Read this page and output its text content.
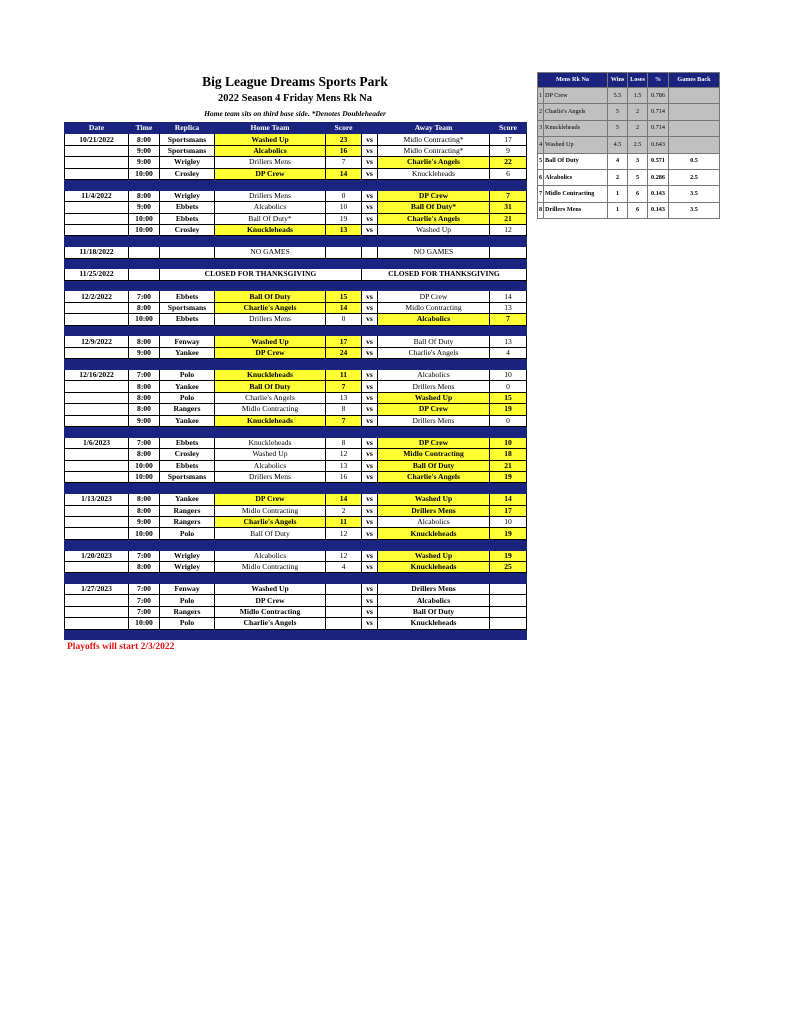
Big League Dreams Sports Park
2022 Season 4 Friday Mens Rk Na
Home team sits on third base side. *Denotes Doubleheader
Date	Time	Replica	Home Team	Score		Away Team	Score
10/21/2022	8:00	Sportsmans	Washed Up	23	vs	Midlo Contracting*	17
	9:00	Sportsmans	Alcabolics	16	vs	Midlo Contracting*	9
	9:00	Wrigley	Drillers Mens	7	vs	Charlie's Angels	22
	10:00	Crosley	DP Crew	14	vs	Knuckleheads	6

11/4/2022	8:00	Wrigley	Drillers Mens	0	vs	DP Crew	7
	9:00	Ebbets	Alcabolics	10	vs	Ball Of Duty*	31
	10:00	Ebbets	Ball Of Duty*	19	vs	Charlie's Angels	21
	10:00	Crosley	Knuckleheads	13	vs	Washed Up	12

11/18/2022			NO GAMES			NO GAMES	

11/25/2022		CLOSED FOR THANKSGIVING			CLOSED FOR THANKSGIVING		

12/2/2022	7:00	Ebbets	Ball Of Duty	15	vs	DP Crew	14
	8:00	Sportsmans	Charlie's Angels	14	vs	Midlo Contracting	13
	10:00	Ebbets	Drillers Mens	0	vs	Alcabolics	7

12/9/2022	8:00	Fenway	Washed Up	17	vs	Ball Of Duty	13
	9:00	Yankee	DP Crew	24	vs	Charlie's Angels	4

12/16/2022	7:00	Polo	Knuckleheads	11	vs	Alcabolics	10
	8:00	Yankee	Ball Of Duty	7	vs	Drillers Mens	0
	8:00	Polo	Charlie's Angels	13	vs	Washed Up	15
	8:00	Rangers	Midlo Contracting	8	vs	DP Crew	19
	9:00	Yankee	Knuckleheads	7	vs	Drillers Mens	0

1/6/2023	7:00	Ebbets	Knuckleheads	8	vs	DP Crew	10
	8:00	Crosley	Washed Up	12	vs	Midlo Contracting	18
	10:00	Ebbets	Alcabolics	13	vs	Ball Of Duty	21
	10:00	Sportsmans	Drillers Mens	16	vs	Charlie's Angels	19

1/13/2023	8:00	Yankee	DP Crew	14	vs	Washed Up	14
	8:00	Rangers	Midlo Contracting	2	vs	Drillers Mens	17
	9:00	Rangers	Charlie's Angels	11	vs	Alcabolics	10
	10:00	Polo	Ball Of Duty	12	vs	Knuckleheads	19

1/20/2023	7:00	Wrigley	Alcabolics	12	vs	Washed Up	19
	8:00	Wrigley	Midlo Contracting	4	vs	Knuckleheads	25

1/27/2023	7:00	Fenway	Washed Up		vs	Drillers Mens	
	7:00	Polo	DP Crew		vs	Alcabolics	
	7:00	Rangers	Midlo Contracting		vs	Ball Of Duty	
	10:00	Polo	Charlie's Angels		vs	Knuckleheads	

Mens Rk Na		Wins	Loses	%	Games Back
1	DP Crew	5.5	1.5	0.786	
2	Charlie's Angels	5	2	0.714	
3	Knuckleheads	5	2	0.714	
4	Washed Up	4.5	2.5	0.643	
5	Ball Of Duty	4	3	0.571	0.5
6	Alcabolics	2	5	0.286	2.5
7	Midlo Contracting	1	6	0.143	3.5
8	Drillers Mens	1	6	0.143	3.5
Playoffs will start 2/3/2022
